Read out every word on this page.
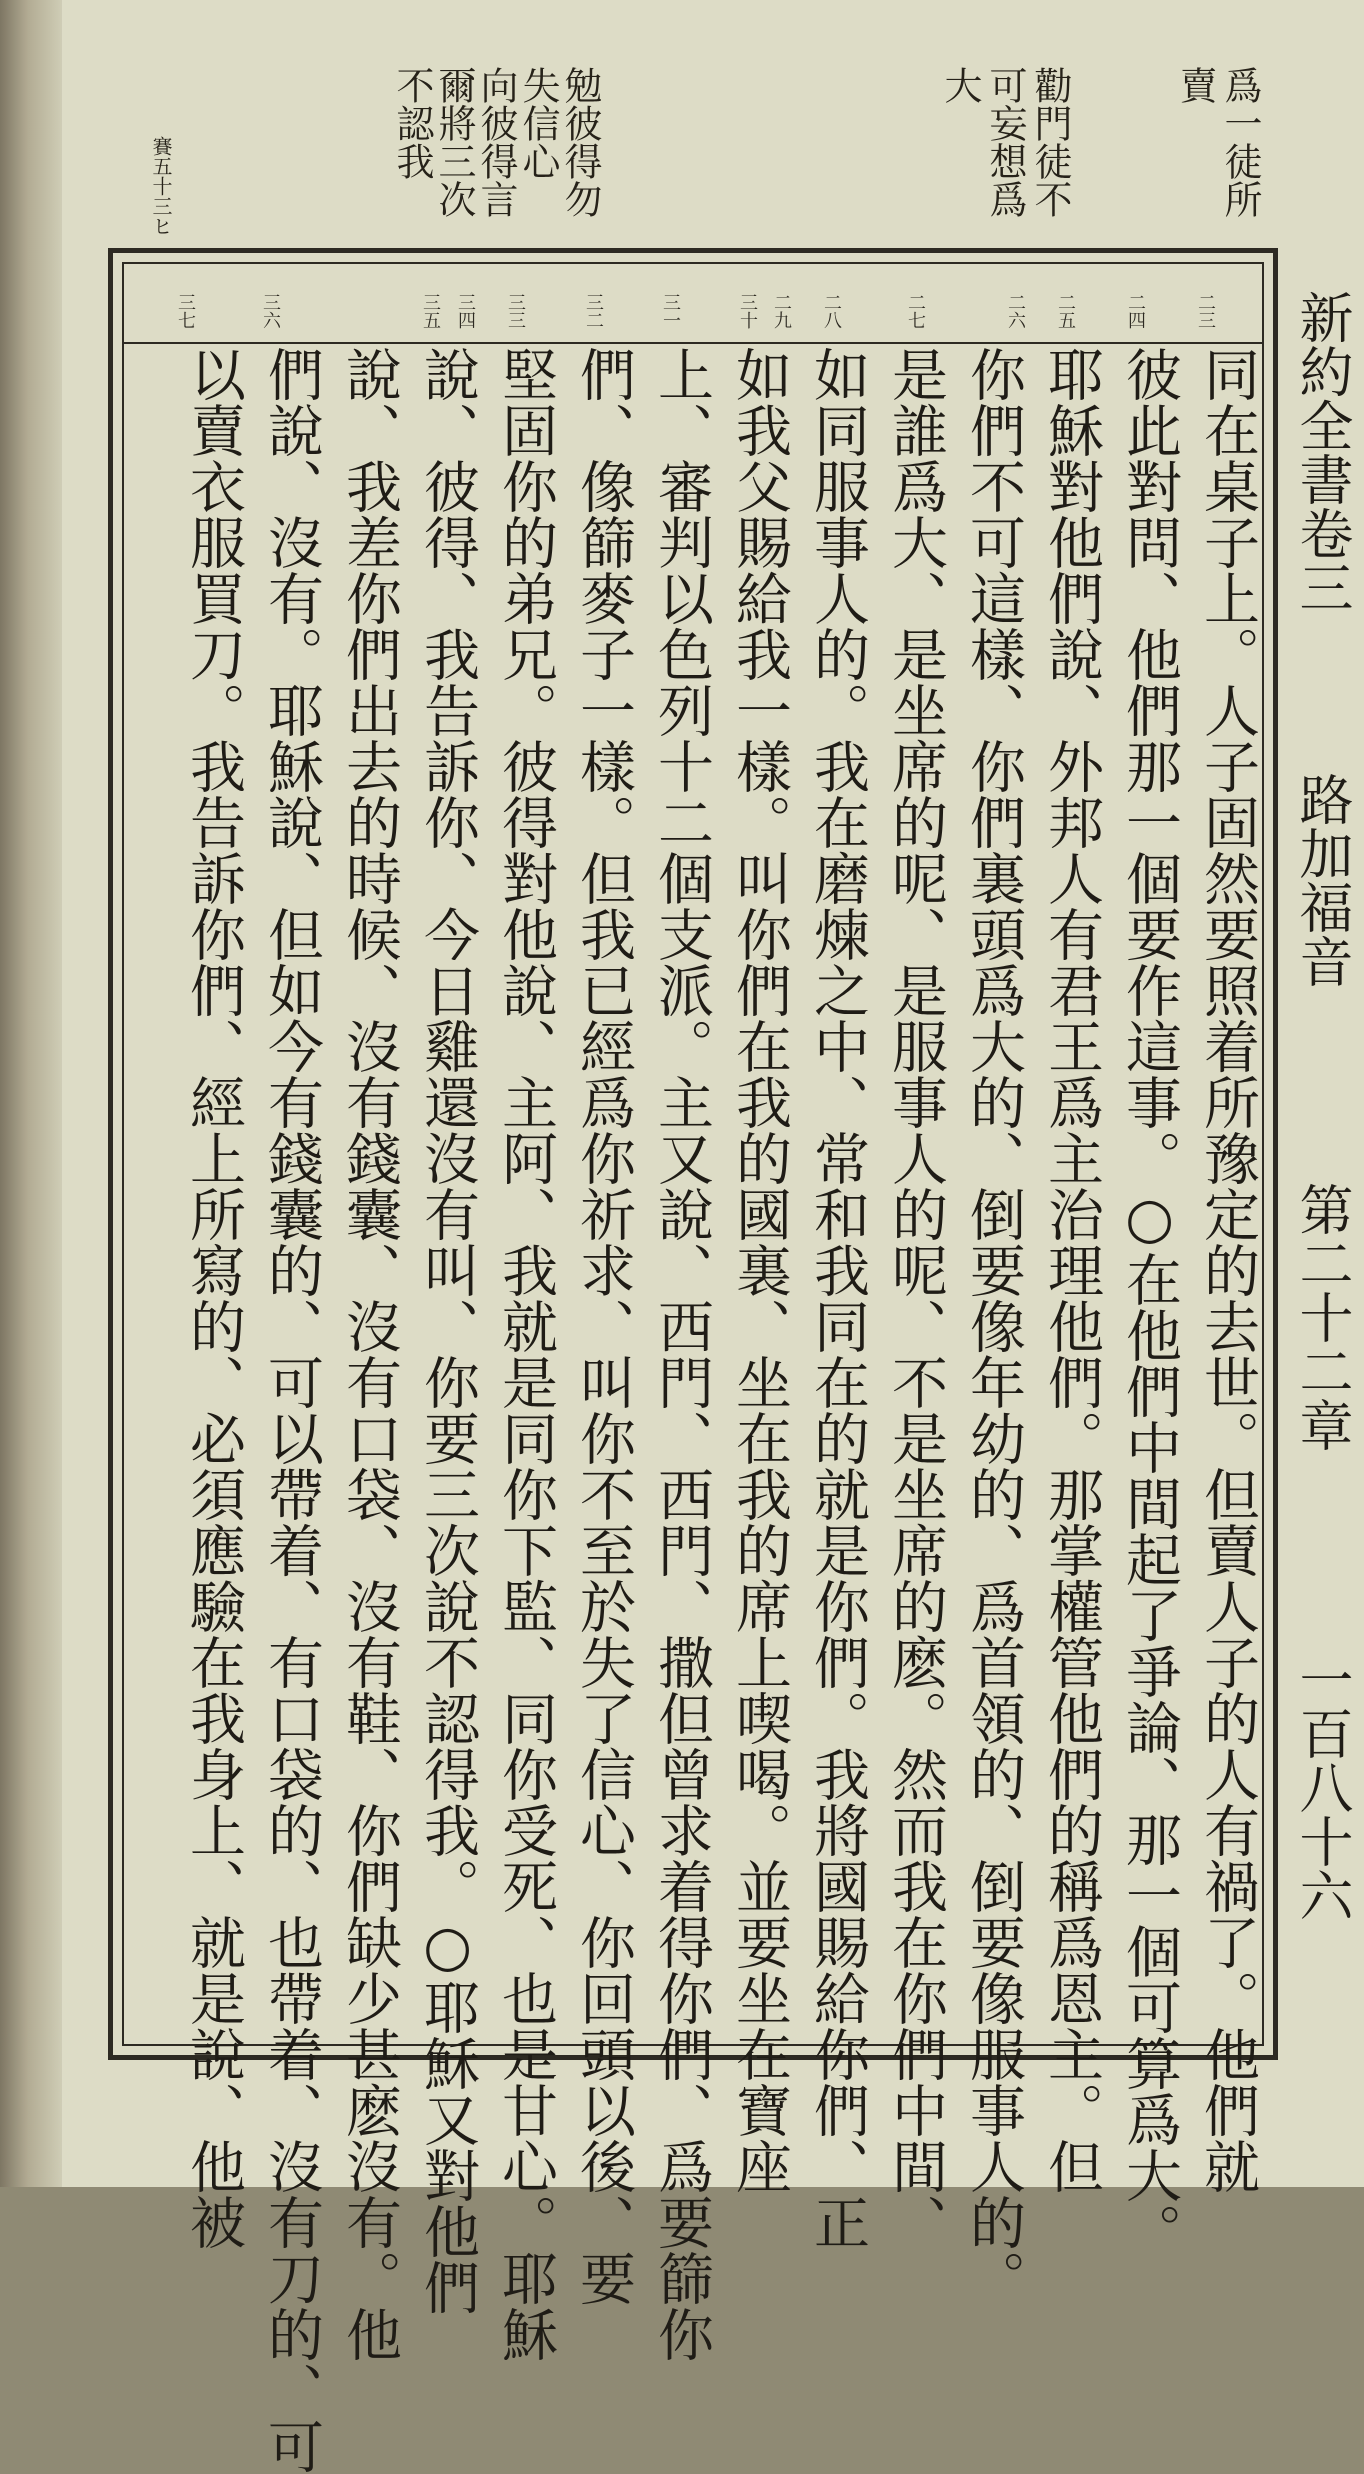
爲一徒所
賣
勸門徒不
可妄想爲
大
勉彼得勿
失信心
向彼得言
爾將三次
不認我
賽五十三ヒ
新約全書卷三
路加福音
第二十二章
一百八十六
二三
二四
二五 二六
二七
二八 二九
三十
三一
三二
三三 三四
三五
三六
三七
同在桌子上。人子固然要照着所豫定的去世。但賣人子的人有禍了。他們就
彼此對問、他們那一個要作這事。○在他們中間起了爭論、那一個可算爲大。
耶穌對他們說、外邦人有君王爲主治理他們。那掌權管他們的稱爲恩主。但
你們不可這樣、你們裏頭爲大的、倒要像年幼的、爲首領的、倒要像服事人的。
是誰爲大、是坐席的呢、是服事人的呢、不是坐席的麽。然而我在你們中間、
如同服事人的。我在磨煉之中、常和我同在的就是你們。我將國賜給你們、正
如我父賜給我一樣。叫你們在我的國裏、坐在我的席上喫喝。並要坐在寶座
上、審判以色列十二個支派。主又說、西門、西門、撒但曾求着得你們、爲要篩你
們、像篩麥子一樣。但我已經爲你祈求、叫你不至於失了信心、你回頭以後、要
堅固你的弟兄。彼得對他說、主阿、我就是同你下監、同你受死、也是甘心。耶穌
說、彼得、我告訴你、今日雞還沒有叫、你要三次說不認得我。○耶穌又對他們
說、我差你們出去的時候、沒有錢囊、沒有口袋、沒有鞋、你們缺少甚麽沒有。他
們說、沒有。耶穌說、但如今有錢囊的、可以帶着、有口袋的、也帶着、沒有刀的、可
以賣衣服買刀。我告訴你們、經上所寫的、必須應驗在我身上、就是說、他被
